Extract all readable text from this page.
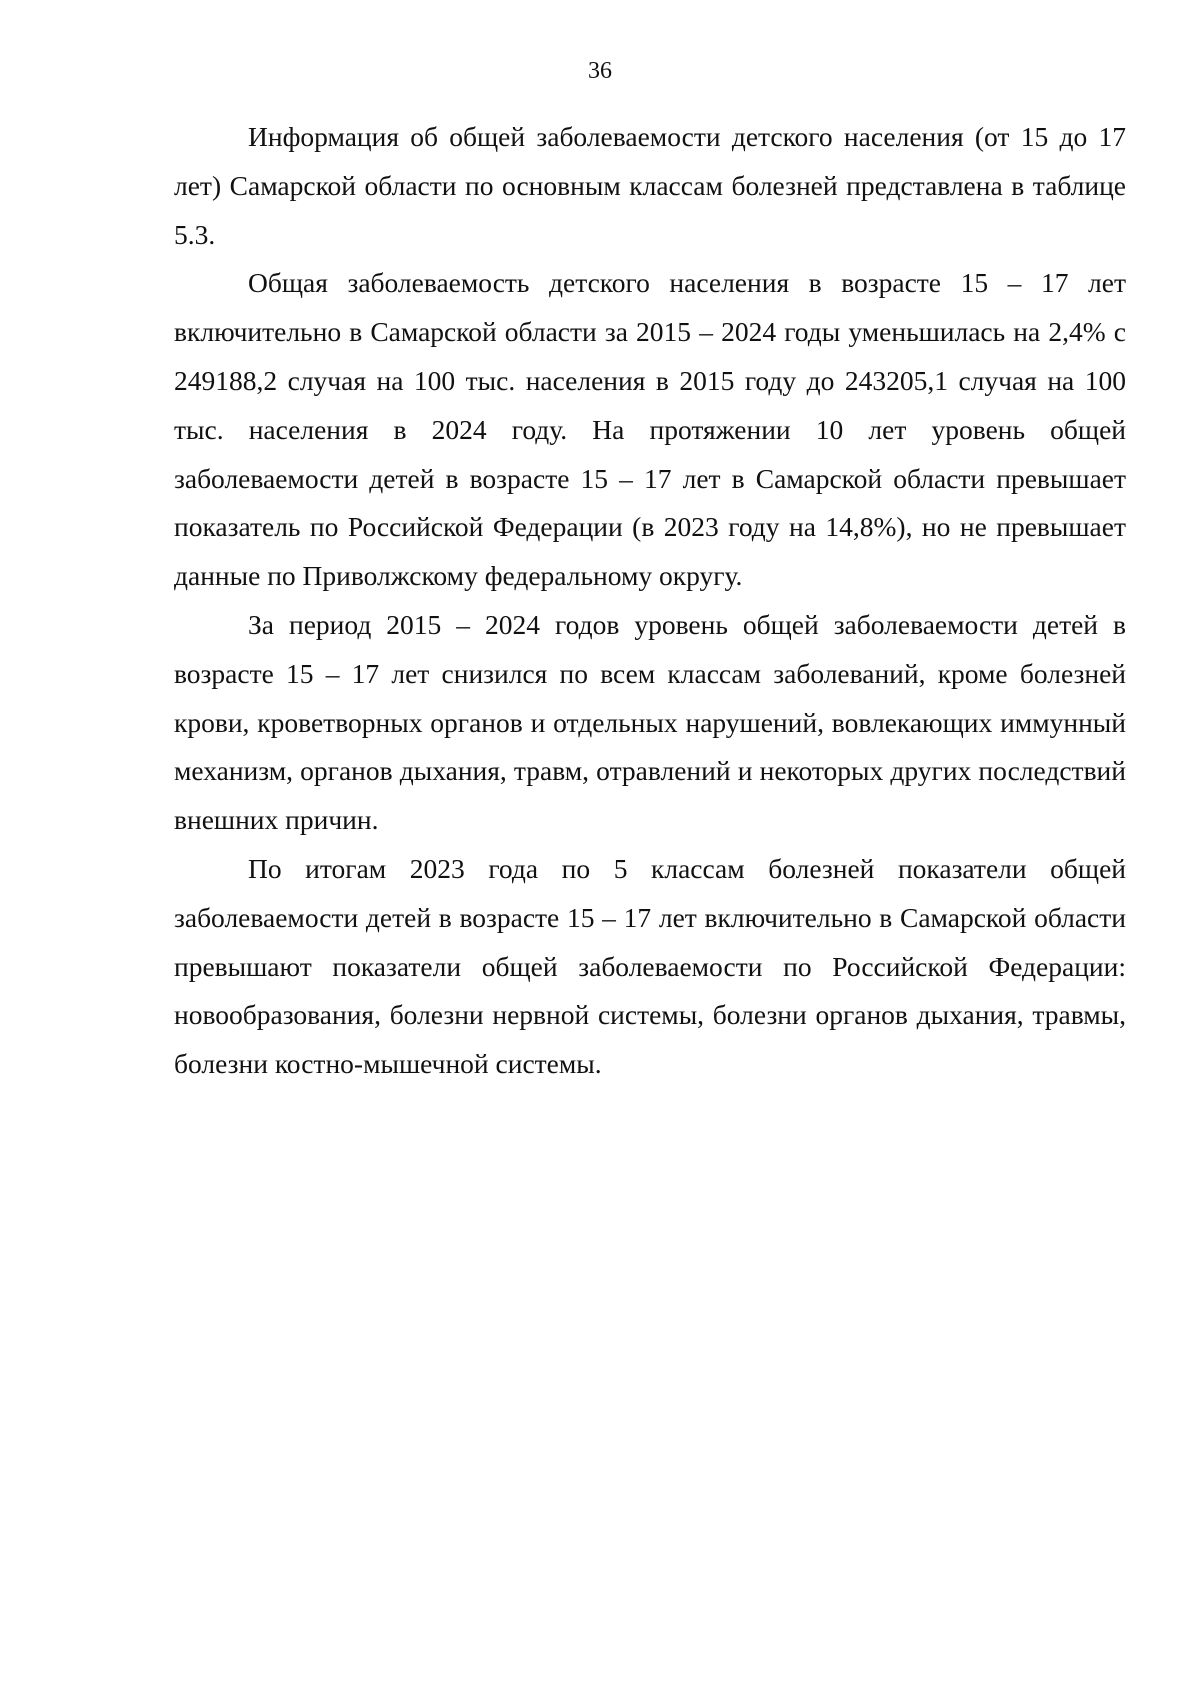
36

Информация об общей заболеваемости детского населения (от 15 до 17 лет) Самарской области по основным классам болезней представлена в таблице 5.3.

Общая заболеваемость детского населения в возрасте 15 – 17 лет включительно в Самарской области за 2015 – 2024 годы уменьшилась на 2,4% с 249188,2 случая на 100 тыс. населения в 2015 году до 243205,1 случая на 100 тыс. населения в 2024 году. На протяжении 10 лет уровень общей заболеваемости детей в возрасте 15 – 17 лет в Самарской области превышает показатель по Российской Федерации (в 2023 году на 14,8%), но не превышает данные по Приволжскому федеральному округу.

За период 2015 – 2024 годов уровень общей заболеваемости детей в возрасте 15 – 17 лет снизился по всем классам заболеваний, кроме болезней крови, кроветворных органов и отдельных нарушений, вовлекающих иммунный механизм, органов дыхания, травм, отравлений и некоторых других последствий внешних причин.

По итогам 2023 года по 5 классам болезней показатели общей заболеваемости детей в возрасте 15 – 17 лет включительно в Самарской области превышают показатели общей заболеваемости по Российской Федерации: новообразования, болезни нервной системы, болезни органов дыхания, травмы, болезни костно-мышечной системы.
